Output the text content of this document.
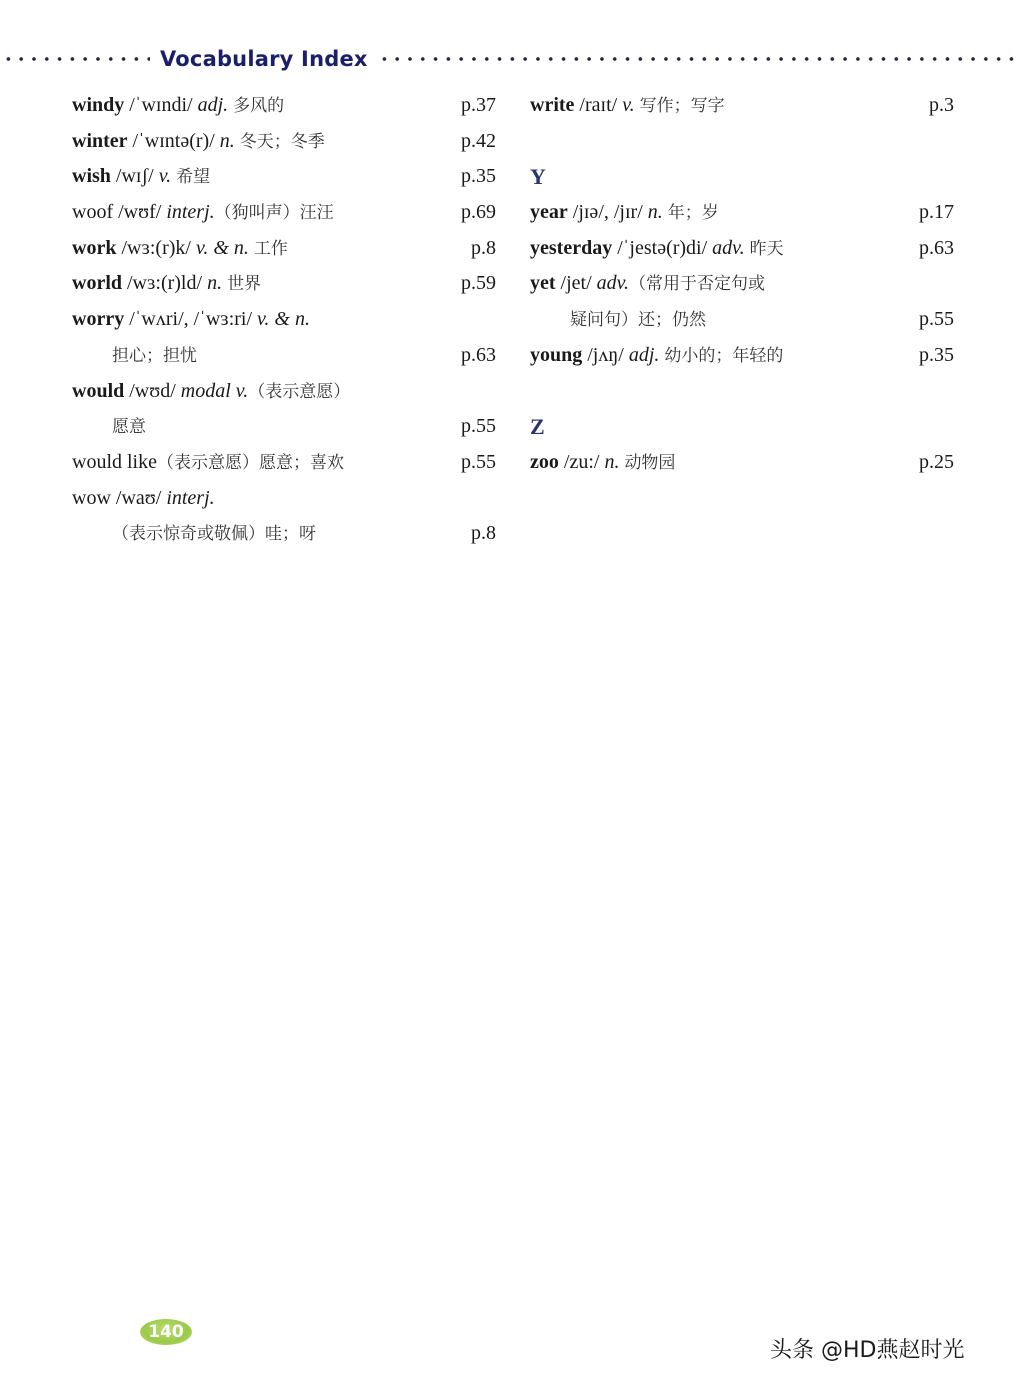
Vocabulary Index
windy /ˈwɪndi/ adj. 多风的	p.37
winter /ˈwɪntə(r)/ n. 冬天；冬季	p.42
wish /wɪʃ/ v. 希望	p.35
woof /wʊf/ interj.（狗叫声）汪汪	p.69
work /wɜ:(r)k/ v. & n. 工作	p.8
world /wɜ:(r)ld/ n. 世界	p.59
worry /ˈwʌri/, /ˈwɜ:ri/ v. & n.
担心；担忧	p.63
would /wʊd/ modal v.（表示意愿）
愿意	p.55
would like（表示意愿）愿意；喜欢	p.55
wow /waʊ/ interj.
（表示惊奇或敬佩）哇；呀	p.8
write /raɪt/ v. 写作；写字	p.3
Y
year /jɪə/, /jɪr/ n. 年；岁	p.17
yesterday /ˈjestə(r)di/ adv. 昨天	p.63
yet /jet/ adv.（常用于否定句或
疑问句）还；仍然	p.55
young /jʌŋ/ adj. 幼小的；年轻的	p.35
Z
zoo /zu:/ n. 动物园	p.25
140
头条 @HD燕赵时光
